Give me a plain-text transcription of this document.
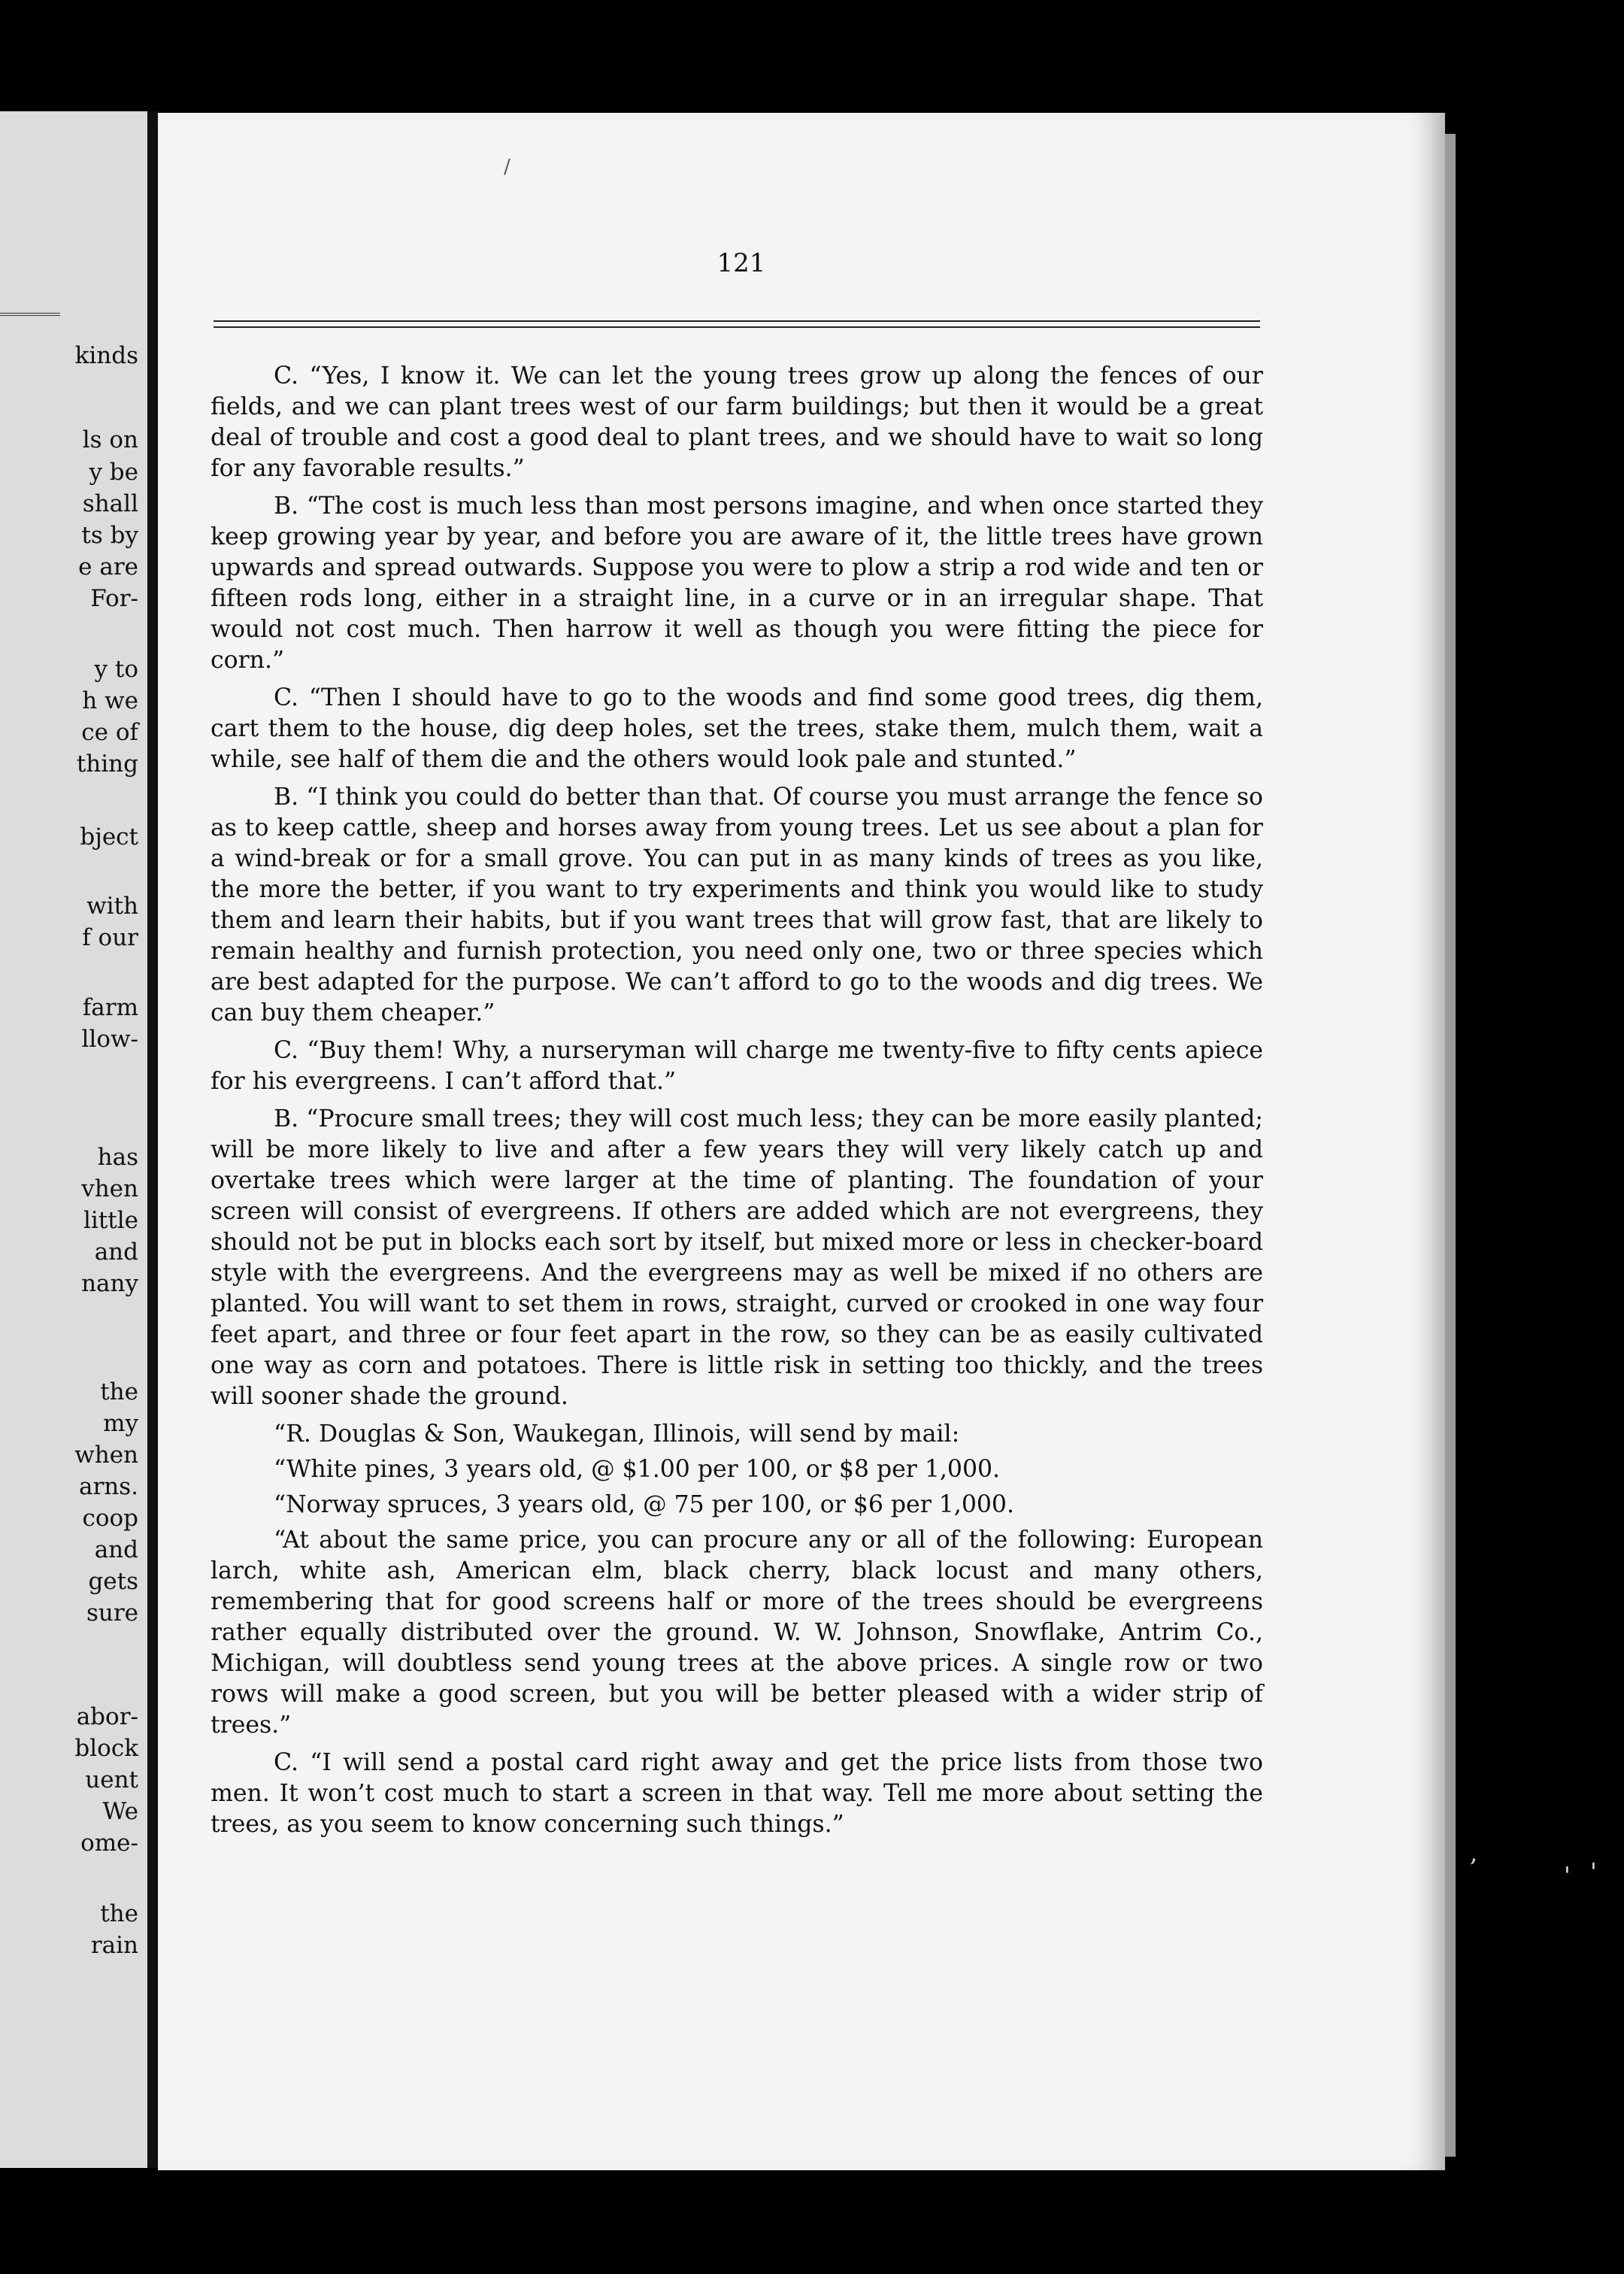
kinds
ls on
y be
shall
ts by
e are
For-
y to
h we
ce of
thing
bject
with
f our
farm
llow-
has
vhen
little
and
nany
the
my
when
arns.
coop
and
gets
sure
abor-
block
uent
We
ome-
the
rain
/
121

C. “Yes, I know it. We can let the young trees grow up along the fences of our fields, and we can plant trees west of our farm buildings; but then it would be a great deal of trouble and cost a good deal to plant trees, and we should have to wait so long for any favorable results.”

B. “The cost is much less than most persons imagine, and when once started they keep growing year by year, and before you are aware of it, the little trees have grown upwards and spread outwards. Suppose you were to plow a strip a rod wide and ten or fifteen rods long, either in a straight line, in a curve or in an irregular shape. That would not cost much. Then harrow it well as though you were fitting the piece for corn.”

C. “Then I should have to go to the woods and find some good trees, dig them, cart them to the house, dig deep holes, set the trees, stake them, mulch them, wait a while, see half of them die and the others would look pale and stunted.”

B. “I think you could do better than that. Of course you must arrange the fence so as to keep cattle, sheep and horses away from young trees. Let us see about a plan for a wind-break or for a small grove. You can put in as many kinds of trees as you like, the more the better, if you want to try experiments and think you would like to study them and learn their habits, but if you want trees that will grow fast, that are likely to remain healthy and furnish protection, you need only one, two or three species which are best adapted for the purpose. We can’t afford to go to the woods and dig trees. We can buy them cheaper.”

C. “Buy them! Why, a nurseryman will charge me twenty-five to fifty cents apiece for his evergreens. I can’t afford that.”

B. “Procure small trees; they will cost much less; they can be more easily planted; will be more likely to live and after a few years they will very likely catch up and overtake trees which were larger at the time of planting. The foundation of your screen will consist of evergreens. If others are added which are not evergreens, they should not be put in blocks each sort by itself, but mixed more or less in checker-board style with the evergreens. And the evergreens may as well be mixed if no others are planted. You will want to set them in rows, straight, curved or crooked in one way four feet apart, and three or four feet apart in the row, so they can be as easily cultivated one way as corn and potatoes. There is little risk in setting too thickly, and the trees will sooner shade the ground.

“R. Douglas & Son, Waukegan, Illinois, will send by mail:

“White pines, 3 years old, @ $1.00 per 100, or $8 per 1,000.

“Norway spruces, 3 years old, @ 75 per 100, or $6 per 1,000.

“At about the same price, you can procure any or all of the following: European larch, white ash, American elm, black cherry, black locust and many others, remembering that for good screens half or more of the trees should be evergreens rather equally distributed over the ground. W. W. Johnson, Snowflake, Antrim Co., Michigan, will doubtless send young trees at the above prices. A single row or two rows will make a good screen, but you will be better pleased with a wider strip of trees.”

C. “I will send a postal card right away and get the price lists from those two men. It won’t cost much to start a screen in that way. Tell me more about setting the trees, as you seem to know concerning such things.”

,
' '
